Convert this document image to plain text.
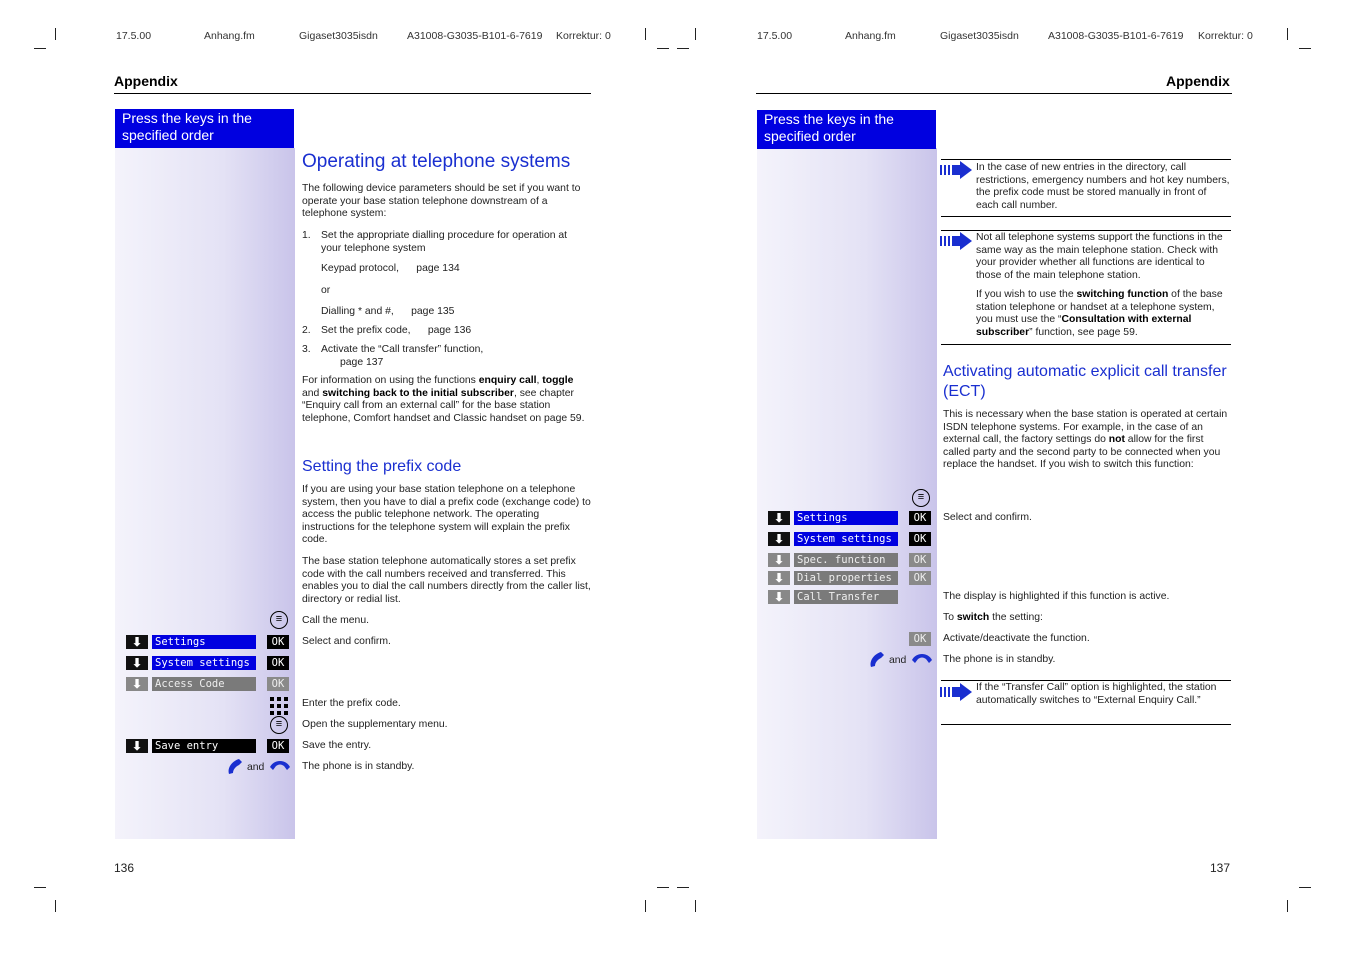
17.5.00	Anhang.fm	Gigaset3035isdn	A31008-G3035-B101-6-7619 Korrektur: 0
Appendix
Press the keys in the specified order
Operating at telephone systems
The following device parameters should be set if you want to operate your base station telephone downstream of a telephone system:
1. Set the appropriate dialling procedure for operation at your telephone system
Keypad protocol,      page 134
or
Dialling * and #,      page 135
2. Set the prefix code,      page 136
3. Activate the “Call transfer” function,
page 137
For information on using the functions enquiry call, toggle and switching back to the initial subscriber, see chapter “Enquiry call from an external call” for the base station telephone, Comfort handset and Classic handset on page 59.
Setting the prefix code
If you are using your base station telephone on a telephone system, then you have to dial a prefix code (exchange code) to access the public telephone network. The operating instructions for the telephone system will explain the prefix code.
The base station telephone automatically stores a set prefix code with the call numbers received and transferred. This enables you to dial the call numbers directly from the caller list, directory or redial list.
≡	Call the menu.
⬇	Settings	OK	Select and confirm.
⬇	System settings	OK
⬇	Access Code	OK
Enter the prefix code.
≡	Open the supplementary menu.
⬇	Save entry	OK	Save the entry.
and	The phone is in standby.
136
17.5.00	Anhang.fm	Gigaset3035isdn	A31008-G3035-B101-6-7619 Korrektur: 0
Appendix
Press the keys in the specified order
In the case of new entries in the directory, call restrictions, emergency numbers and hot key numbers, the prefix code must be stored manually in front of each call number.
Not all telephone systems support the functions in the same way as the main telephone station. Check with your provider whether all functions are identical to those of the main telephone station.
If you wish to use the switching function of the base station telephone or handset at a telephone system, you must use the “Consultation with external subscriber” function, see page 59.
Activating automatic explicit call transfer (ECT)
This is necessary when the base station is operated at certain ISDN telephone systems. For example, in the case of an external call, the factory settings do not allow for the first called party and the second party to be connected when you replace the handset. If you wish to switch this function:
≡
⬇	Settings	OK	Select and confirm.
⬇	System settings	OK
⬇	Spec. function	OK
⬇	Dial properties	OK
⬇	Call Transfer	The display is highlighted if this function is active.
To switch the setting:
OK	Activate/deactivate the function.
and	The phone is in standby.
If the “Transfer Call” option is highlighted, the station automatically switches to “External Enquiry Call.”
137
